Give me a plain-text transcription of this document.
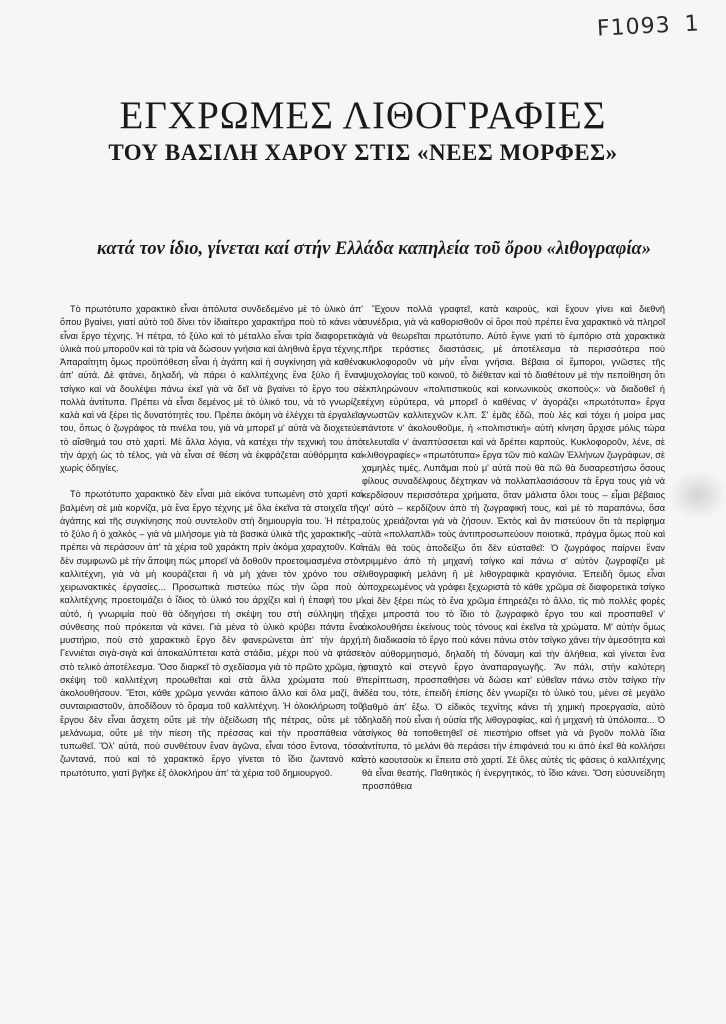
F1093 1
ΕΓΧΡΩΜΕΣ ΛΙΘΟΓΡΑΦΙΕΣ
ΤΟΥ ΒΑΣΙΛΗ ΧΑΡΟΥ ΣΤΙΣ «ΝΕΕΣ ΜΟΡΦΕΣ»

κατά τον ίδιο, γίνεται καί στήν Ελλάδα καπηλεία τοῦ ὄρου «λιθογραφία»

Τὸ πρωτότυπο χαρακτικὸ εἶναι ἀπόλυτα συνδεδεμένο μὲ τὸ ὑλικὸ ἀπ' ὅπου βγαίνει, γιατί αὐτὸ τοῦ δίνει τὸν ἰδιαίτερο χαρακτήρα ποὺ τὸ κάνει νὰ εἶναι ἔργο τέχνης. Ἡ πέτρα, τὸ ξύλο καὶ τὸ μέταλλο εἶναι τρία διαφορετικὰ ὑλικὰ ποὺ μποροῦν καὶ τὰ τρία νὰ δώσουν γνήσια καὶ ἀληθινὰ ἔργα τέχνης. Ἀπαραίτητη ὅμως προϋπόθεση εἶναι ἡ ἀγάπη καὶ ἡ συγκίνηση γιὰ καθένα ἀπ' αὐτά. Δὲ φτάνει, δηλαδή, νὰ πάρει ὁ καλλιτέχνης ἕνα ξύλο ἢ ἕναν τσίγκο καὶ νὰ δουλέψει πάνω ἐκεῖ γιὰ νὰ δεῖ νὰ βγαίνει τὸ ἔργο του σὲ πολλὰ ἀντίτυπα. Πρέπει νὰ εἶναι δεμένος μὲ τὸ ὑλικό του, νὰ τὸ γνωρίζει καλὰ καὶ νὰ ξέρει τὶς δυνατότητές του. Πρέπει ἀκόμη νὰ ἐλέγχει τὰ ἐργαλεῖα του, ὅπως ὁ ζωγράφος τὰ πινέλα του, γιὰ νὰ μπορεῖ μ' αὐτὰ νὰ διοχετεύει τὸ αἴσθημά του στὸ χαρτί. Μὲ ἄλλα λόγια, νὰ κατέχει τὴν τεχνική του ἀπὸ τὴν ἀρχὴ ὡς τὸ τέλος, γιὰ νὰ εἶναι σὲ θέση νὰ ἐκφράζεται αὐθόρμητα καὶ χωρὶς ὁδηγίες.

Τὸ πρωτότυπο χαρακτικὸ δὲν εἶναι μιὰ εἰκόνα τυπωμένη στὸ χαρτὶ καὶ βαλμένη σὲ μιὰ κορνίζα, μὰ ἕνα ἔργο τέχνης μὲ ὅλα ἐκεῖνα τὰ στοιχεῖα τῆς ἀγάπης καὶ τῆς συγκίνησης ποὺ συντελοῦν στὴ δημιουργία του. Ἡ πέτρα, τὸ ξύλο ἢ ὁ χαλκὸς – γιὰ νὰ μιλήσομε γιὰ τὰ βασικὰ ὑλικὰ τῆς χαρακτικῆς – πρέπει νὰ περάσουν ἀπ' τὰ χέρια τοῦ χαράκτη πρὶν ἀκόμα χαραχτοῦν. Καὶ δὲν συμφωνῶ μὲ τὴν ἄποψη πὼς μπορεῖ νὰ δοθοῦν προετοιμασμένα στὸν καλλιτέχνη, γιὰ νὰ μὴ κουράζεται ἢ νὰ μὴ χάνει τὸν χρόνο του σὲ χειρωνακτικὲς ἐργασίες... Προσωπικὰ πιστεύω πὼς τὴν ὥρα ποὺ ὁ καλλιτέχνης προετοιμάζει ὁ ἴδιος τὸ ὑλικό του ἀρχίζει καὶ ἡ ἐπαφή του μ' αὐτό, ἡ γνωριμία ποὺ θὰ ὁδηγήσει τὴ σκέψη του στὴ σύλληψη τῆς σύνθεσης ποὺ πρόκειται νὰ κάνει. Γιὰ μένα τὸ ὑλικὸ κρύβει πάντα ἕνα μυστήριο, ποὺ στὸ χαρακτικὸ ἔργο δὲν φανερώνεται ἀπ' τὴν ἀρχή. Γεννιέται σιγὰ-σιγὰ καὶ ἀποκαλύπτεται κατὰ στάδια, μέχρι ποὺ νὰ φτάσει στὸ τελικὸ ἀποτέλεσμα. Ὅσο διαρκεῖ τὸ σχεδίασμα γιὰ τὸ πρῶτο χρῶμα, ἡ σκέψη τοῦ καλλιτέχνη προωθεῖται καὶ στὰ ἄλλα χρώματα ποὺ θ' ἀκολουθήσουν. Ἔτσι, κάθε χρῶμα γεννάει κάποιο ἄλλο καὶ ὅλα μαζί, ἂν συνταιριαστοῦν, ἀποδίδουν τὸ ὅραμα τοῦ καλλιτέχνη. Ἡ ὁλοκλήρωση τοῦ ἔργου δὲν εἶναι ἄσχετη οὔτε μὲ τὴν ὀξείδωση τῆς πέτρας, οὔτε μὲ τὸ μελάνωμα, οὔτε μὲ τὴν πίεση τῆς πρέσσας καὶ τὴν προσπάθεια νὰ τυπωθεῖ. Ὅλ' αὐτά, ποὺ συνθέτουν ἕναν ἀγῶνα, εἶναι τόσο ἔντονα, τόσο ζωντανά, ποὺ καὶ τὸ χαρακτικὸ ἔργο γίνεται τὸ ἴδιο ζωντανὸ καὶ πρωτότυπο, γιατὶ βγῆκε ἐξ ὁλοκλήρου ἀπ' τὰ χέρια τοῦ δημιουργοῦ.

Ἔχουν πολλὰ γραφτεῖ, κατὰ καιρούς, καὶ ἔχουν γίνει καὶ διεθνῆ συνέδρια, γιὰ νὰ καθορισθοῦν οἱ ὅροι ποὺ πρέπει ἕνα χαρακτικὸ νὰ πληροῖ γιὰ νὰ θεωρεῖται πρωτότυπο. Αὐτὸ ἔγινε γιατὶ τὸ ἐμπόριο στὰ χαρακτικὰ πῆρε τεράστιες διαστάσεις, μὲ ἀποτέλεσμα τὰ περισσότερα ποὺ κυκλοφοροῦν νὰ μὴν εἶναι γνήσια. Βέβαια οἱ ἔμποροι, γνῶστες τῆς ψυχολογίας τοῦ κοινοῦ, τὸ διέθεταν καὶ τὸ διαθέτουν μὲ τὴν πεποίθηση ὅτι ἐκπληρώνουν «πολιτιστικοὺς καὶ κοινωνικοὺς σκοπούς»: νὰ διαδοθεῖ ἡ τέχνη εὐρύτερα, νὰ μπορεῖ ὁ καθένας ν' ἀγοράζει «πρωτότυπα» ἔργα γνωστῶν καλλιτεχνῶν κ.λπ. Σ' ἐμᾶς ἐδῶ, ποὺ λὲς καὶ τόχει ἡ μοίρα μας πάντοτε ν' ἀκολουθοῦμε, ἡ «πολιτιστική» αὐτὴ κίνηση ἄρχισε μόλις τώρα τελευταῖα ν' ἀναπτύσσεται καὶ νὰ δρέπει καρπούς. Κυκλοφοροῦν, λένε, σὲ «λιθογραφίες» «πρωτότυπα» ἔργα τῶν πιὸ καλῶν Ἑλλήνων ζωγράφων, σὲ χαμηλὲς τιμές. Λυπᾶμαι ποὺ μ' αὐτὰ ποὺ θὰ πῶ θὰ δυσαρεστήσω ὅσους φίλους συναδέλφους δέχτηκαν νὰ πολλαπλασιάσουν τὰ ἔργα τους γιὰ νὰ κερδίσουν περισσότερα χρήματα, ὅταν μάλιστα ὅλοι τους – εἶμαι βέβαιος γι' αὐτὸ – κερδίζουν ἀπὸ τὴ ζωγραφική τους, καὶ μὲ τὸ παραπάνω, ὅσα τοὺς χρειάζονται γιὰ νὰ ζήσουν. Ἐκτὸς καὶ ἂν πιστεύουν ὅτι τὰ περίφημα αὐτὰ «πολλαπλᾶ» τοὺς ἀντιπροσωπεύουν ποιοτικά, πράγμα ὅμως ποὺ καὶ πάλι θὰ τοὺς ἀποδείξω ὅτι δὲν εὐσταθεῖ: Ὁ ζωγράφος παίρνει ἕναν τριμμένο ἀπὸ τὴ μηχανὴ τσίγκο καὶ πάνω σ' αὐτὸν ζωγραφίζει μὲ λιθογραφικὴ μελάνη ἢ μὲ λιθογραφικὰ κραγιόνια. Ἐπειδὴ ὅμως εἶναι ὑποχρεωμένος νὰ γράφει ξεχωριστὰ τὸ κάθε χρῶμα σὲ διαφορετικὰ τσίγκο καὶ δὲν ξέρει πὼς τὸ ἕνα χρῶμα ἐπηρεάζει τὸ ἄλλο, τὶς πιὸ πολλὲς φορὲς ἔχει μπροστά του τὸ ἴδιο τὸ ζωγραφικὸ ἔργο του καὶ προσπαθεῖ ν' ἀκολουθήσει ἐκείνους τοὺς τόνους καὶ ἐκεῖνα τὰ χρώματα. Μ' αὐτὴν ὅμως τὴ διαδικασία τὸ ἔργο ποὺ κάνει πάνω στὸν τσίγκο χάνει τὴν ἀμεσότητα καὶ τὸν αὐθορμητισμό, δηλαδὴ τὴ δύναμη καὶ τὴν ἀλήθεια, καὶ γίνεται ἕνα φτιαχτὸ καὶ στεγνὸ ἔργο ἀναπαραγωγῆς. Ἂν πάλι, στὴν καλύτερη περίπτωση, προσπαθήσει νὰ δώσει κατ' εὐθεῖαν πάνω στὸν τσίγκο τὴν ἰδέα του, τότε, ἐπειδὴ ἐπίσης δὲν γνωρίζει τὸ ὑλικό του, μένει σὲ μεγάλο βαθμὸ ἀπ' ἔξω. Ὁ εἰδικὸς τεχνίτης κάνει τὴ χημικὴ προεργασία, αὐτὸ δηλαδὴ ποὺ εἶναι ἡ οὐσία τῆς λιθογραφίας, καὶ ἡ μηχανὴ τὰ ὑπόλοιπα... Ὁ τσίγκος θὰ τοποθετηθεῖ σὲ πιεστήριο offset γιὰ νὰ βγοῦν πολλὰ ἴδια ἀντίτυπα, τὸ μελάνι θὰ περάσει τὴν ἐπιφάνειά του κι ἀπὸ ἐκεῖ θὰ κολλήσει στὸ καουτσοὺκ κι ἔπειτα στὸ χαρτί. Σὲ ὅλες αὐτὲς τὶς φάσεις ὁ καλλιτέχνης θὰ εἶναι θεατής. Παθητικὸς ἡ ἐνεργητικός, τὸ ἴδιο κάνει. Ὅση εὐσυνείδητη προσπάθεια
